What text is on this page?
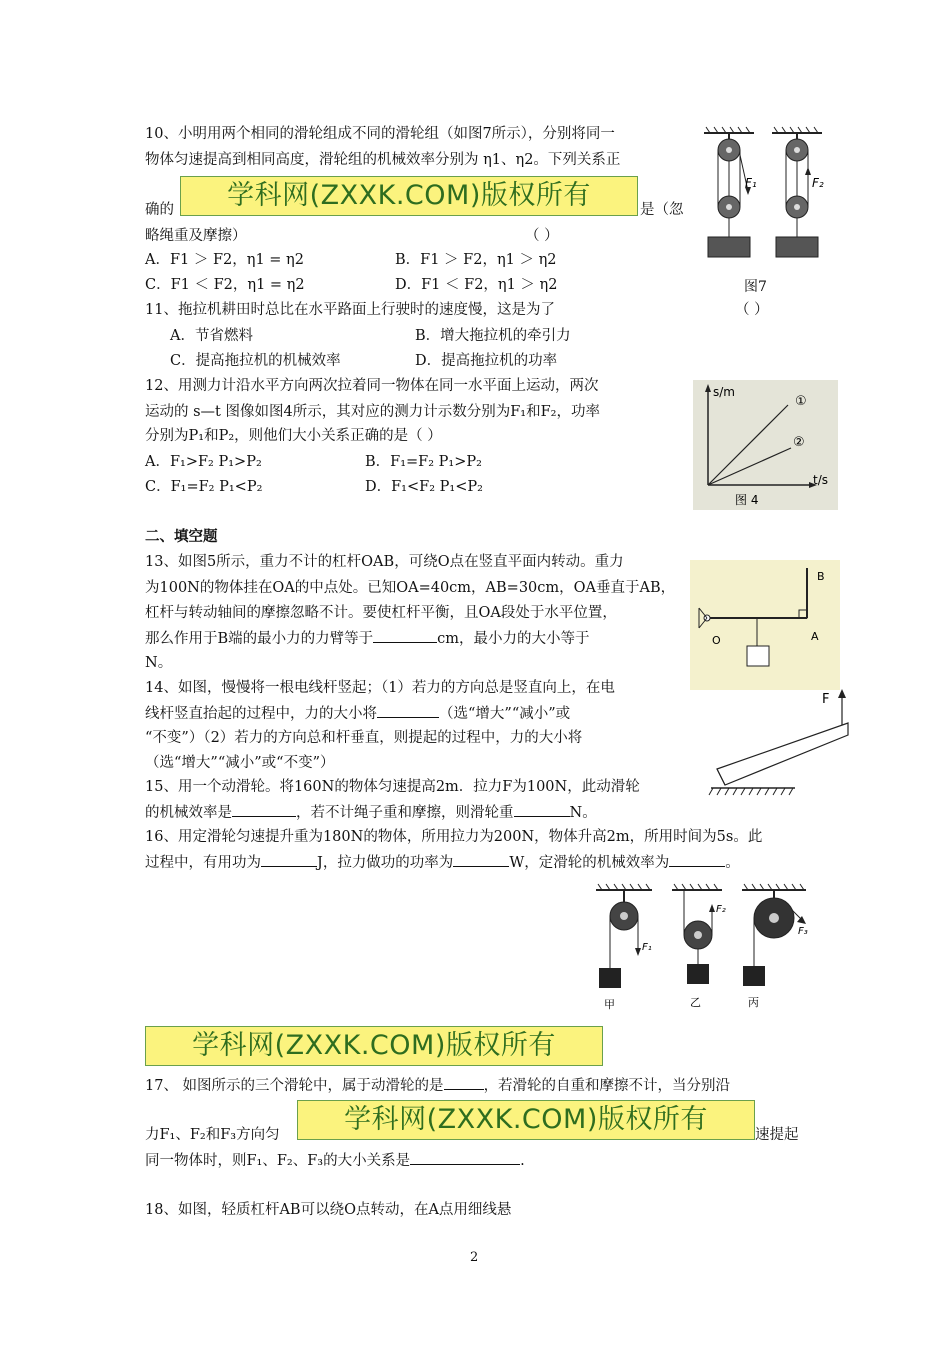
10、小明用两个相同的滑轮组成不同的滑轮组（如图7所示），分别将同一
物体匀速提高到相同高度，滑轮组的机械效率分别为 η1、η2。下列关系正
确的	是（忽
略绳重及摩擦）	（ ）
A．F1 ＞ F2，η1 = η2	B．F1 ＞ F2，η1 ＞ η2
C．F1 ＜ F2，η1 = η2	D．F1 ＜ F2，η1 ＞ η2
学科网(ZXXK.COM)版权所有	F₁	F₂
图7
11、拖拉机耕田时总比在水平路面上行驶时的速度慢，这是为了	（ ）
A．节省燃料	B．增大拖拉机的牵引力
C．提高拖拉机的机械效率	D．提高拖拉机的功率
12、用测力计沿水平方向两次拉着同一物体在同一水平面上运动，两次
运动的 s—t 图像如图4所示，其对应的测力计示数分别为F₁和F₂，功率
分别为P₁和P₂，则他们大小关系正确的是（ ）
A．F₁>F₂ P₁>P₂	B．F₁=F₂ P₁>P₂
C．F₁=F₂ P₁<P₂	D．F₁<F₂ P₁<P₂
s/m
t/s
①
②
图 4
二、填空题
13、如图5所示，重力不计的杠杆OAB，可绕O点在竖直平面内转动。重力
为100N的物体挂在OA的中点处。已知OA=40cm，AB=30cm，OA垂直于AB，
杠杆与转动轴间的摩擦忽略不计。要使杠杆平衡，且OA段处于水平位置，
那么作用于B端的最小力的力臂等于	cm，最小力的大小等于
N。
B
A
O
14、如图，慢慢将一根电线杆竖起；（1）若力的方向总是竖直向上，在电
线杆竖直抬起的过程中，力的大小将	（选“增大”“减小”或
“不变”）（2）若力的方向总和杆垂直，则提起的过程中，力的大小将
（选“增大”“减小”或“不变”）
F
15、用一个动滑轮。将160N的物体匀速提高2m．拉力F为100N，此动滑轮
的机械效率是	，若不计绳子重和摩擦，则滑轮重	N。
16、用定滑轮匀速提升重为180N的物体，所用拉力为200N，物体升高2m，所用时间为5s。此
过程中，有用功为	J，拉力做功的功率为	W，定滑轮的机械效率为	。
F₁
F₂
F₃
甲	乙	丙
学科网(ZXXK.COM)版权所有
17、 如图所示的三个滑轮中，属于动滑轮的是	，若滑轮的自重和摩擦不计，当分别沿
力F₁、F₂和F₃方向匀	速提起
同一物体时，则F₁、F₂、F₃的大小关系是	.
学科网(ZXXK.COM)版权所有
18、如图，轻质杠杆AB可以绕O点转动，在A点用细线悬
2
